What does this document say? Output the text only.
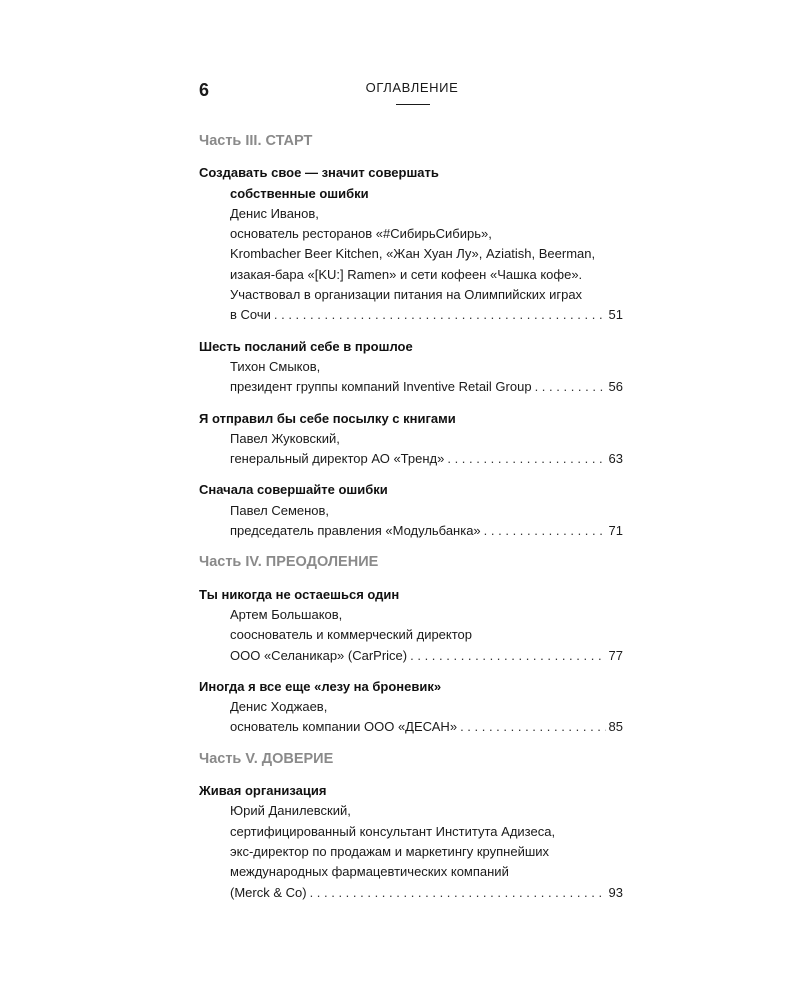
6	ОГЛАВЛЕНИЕ
Часть III. СТАРТ
Создавать свое — значит совершать
собственные ошибки
Денис Иванов,
основатель ресторанов «#СибирьСибирь»,
Krombacher Beer Kitchen, «Жан Хуан Лу», Aziatish, Beerman,
изакая-бара «[KU:] Ramen» и сети кофеен «Чашка кофе».
Участвовал в организации питания на Олимпийских играх
в Сочи . . .	51
Шесть посланий себе в прошлое
Тихон Смыков,
президент группы компаний Inventive Retail Group . . .	56
Я отправил бы себе посылку с книгами
Павел Жуковский,
генеральный директор АО «Тренд» . . .	63
Сначала совершайте ошибки
Павел Семенов,
председатель правления «Модульбанка» . . .	71
Часть IV. ПРЕОДОЛЕНИЕ
Ты никогда не остаешься один
Артем Большаков,
сооснователь и коммерческий директор
ООО «Селаникар» (CarPrice) . . .	77
Иногда я все еще «лезу на броневик»
Денис Ходжаев,
основатель компании ООО «ДЕСАН» . . .	85
Часть V. ДОВЕРИЕ
Живая организация
Юрий Данилевский,
сертифицированный консультант Института Адизеса,
экс-директор по продажам и маркетингу крупнейших
международных фармацевтических компаний
(Merck & Co) . . .	93
